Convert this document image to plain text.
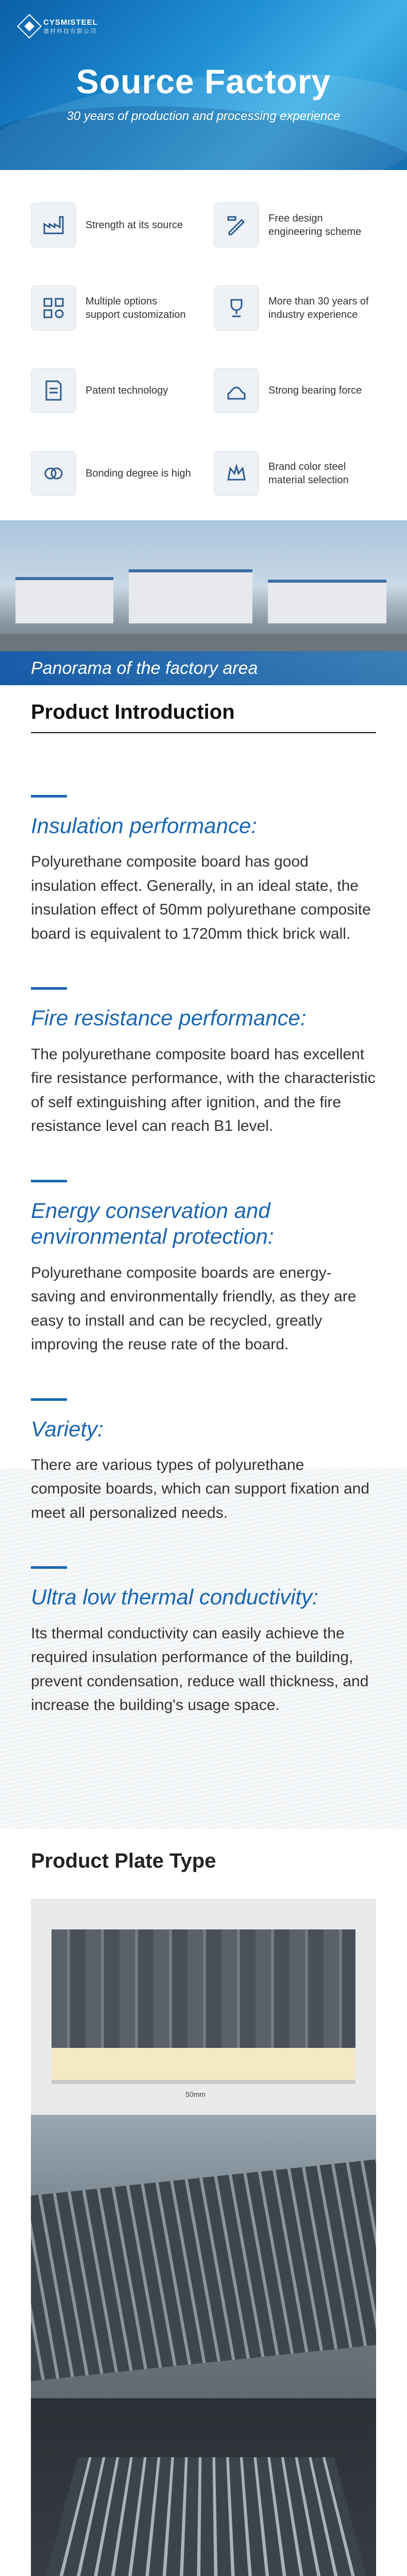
CYSMISTEEL
建材科技有限公司
Source Factory
30 years of production and processing experience
Strength at its source
Free design engineering scheme
Multiple options support customization
More than 30 years of industry experience
Patent technology	Strong bearing force
Bonding degree is high
Brand color steel material selection
Panorama of the factory area
Product Introduction
Insulation performance:

Polyurethane composite board has good insulation effect. Generally, in an ideal state, the insulation effect of 50mm polyurethane composite board is equivalent to 1720mm thick brick wall.

Fire resistance performance:

The polyurethane composite board has excellent fire resistance performance, with the characteristic of self extinguishing after ignition, and the fire resistance level can reach B1 level.

Energy conservation and environmental protection:

Polyurethane composite boards are energy-saving and environmentally friendly, as they are easy to install and can be recycled, greatly improving the reuse rate of the board.

Variety:

There are various types of polyurethane composite boards, which can support fixation and meet all personalized needs.

Ultra low thermal conductivity:

Its thermal conductivity can easily achieve the required insulation performance of the building, prevent condensation, reduce wall thickness, and increase the building's usage space.

Product Plate Type
50mm
